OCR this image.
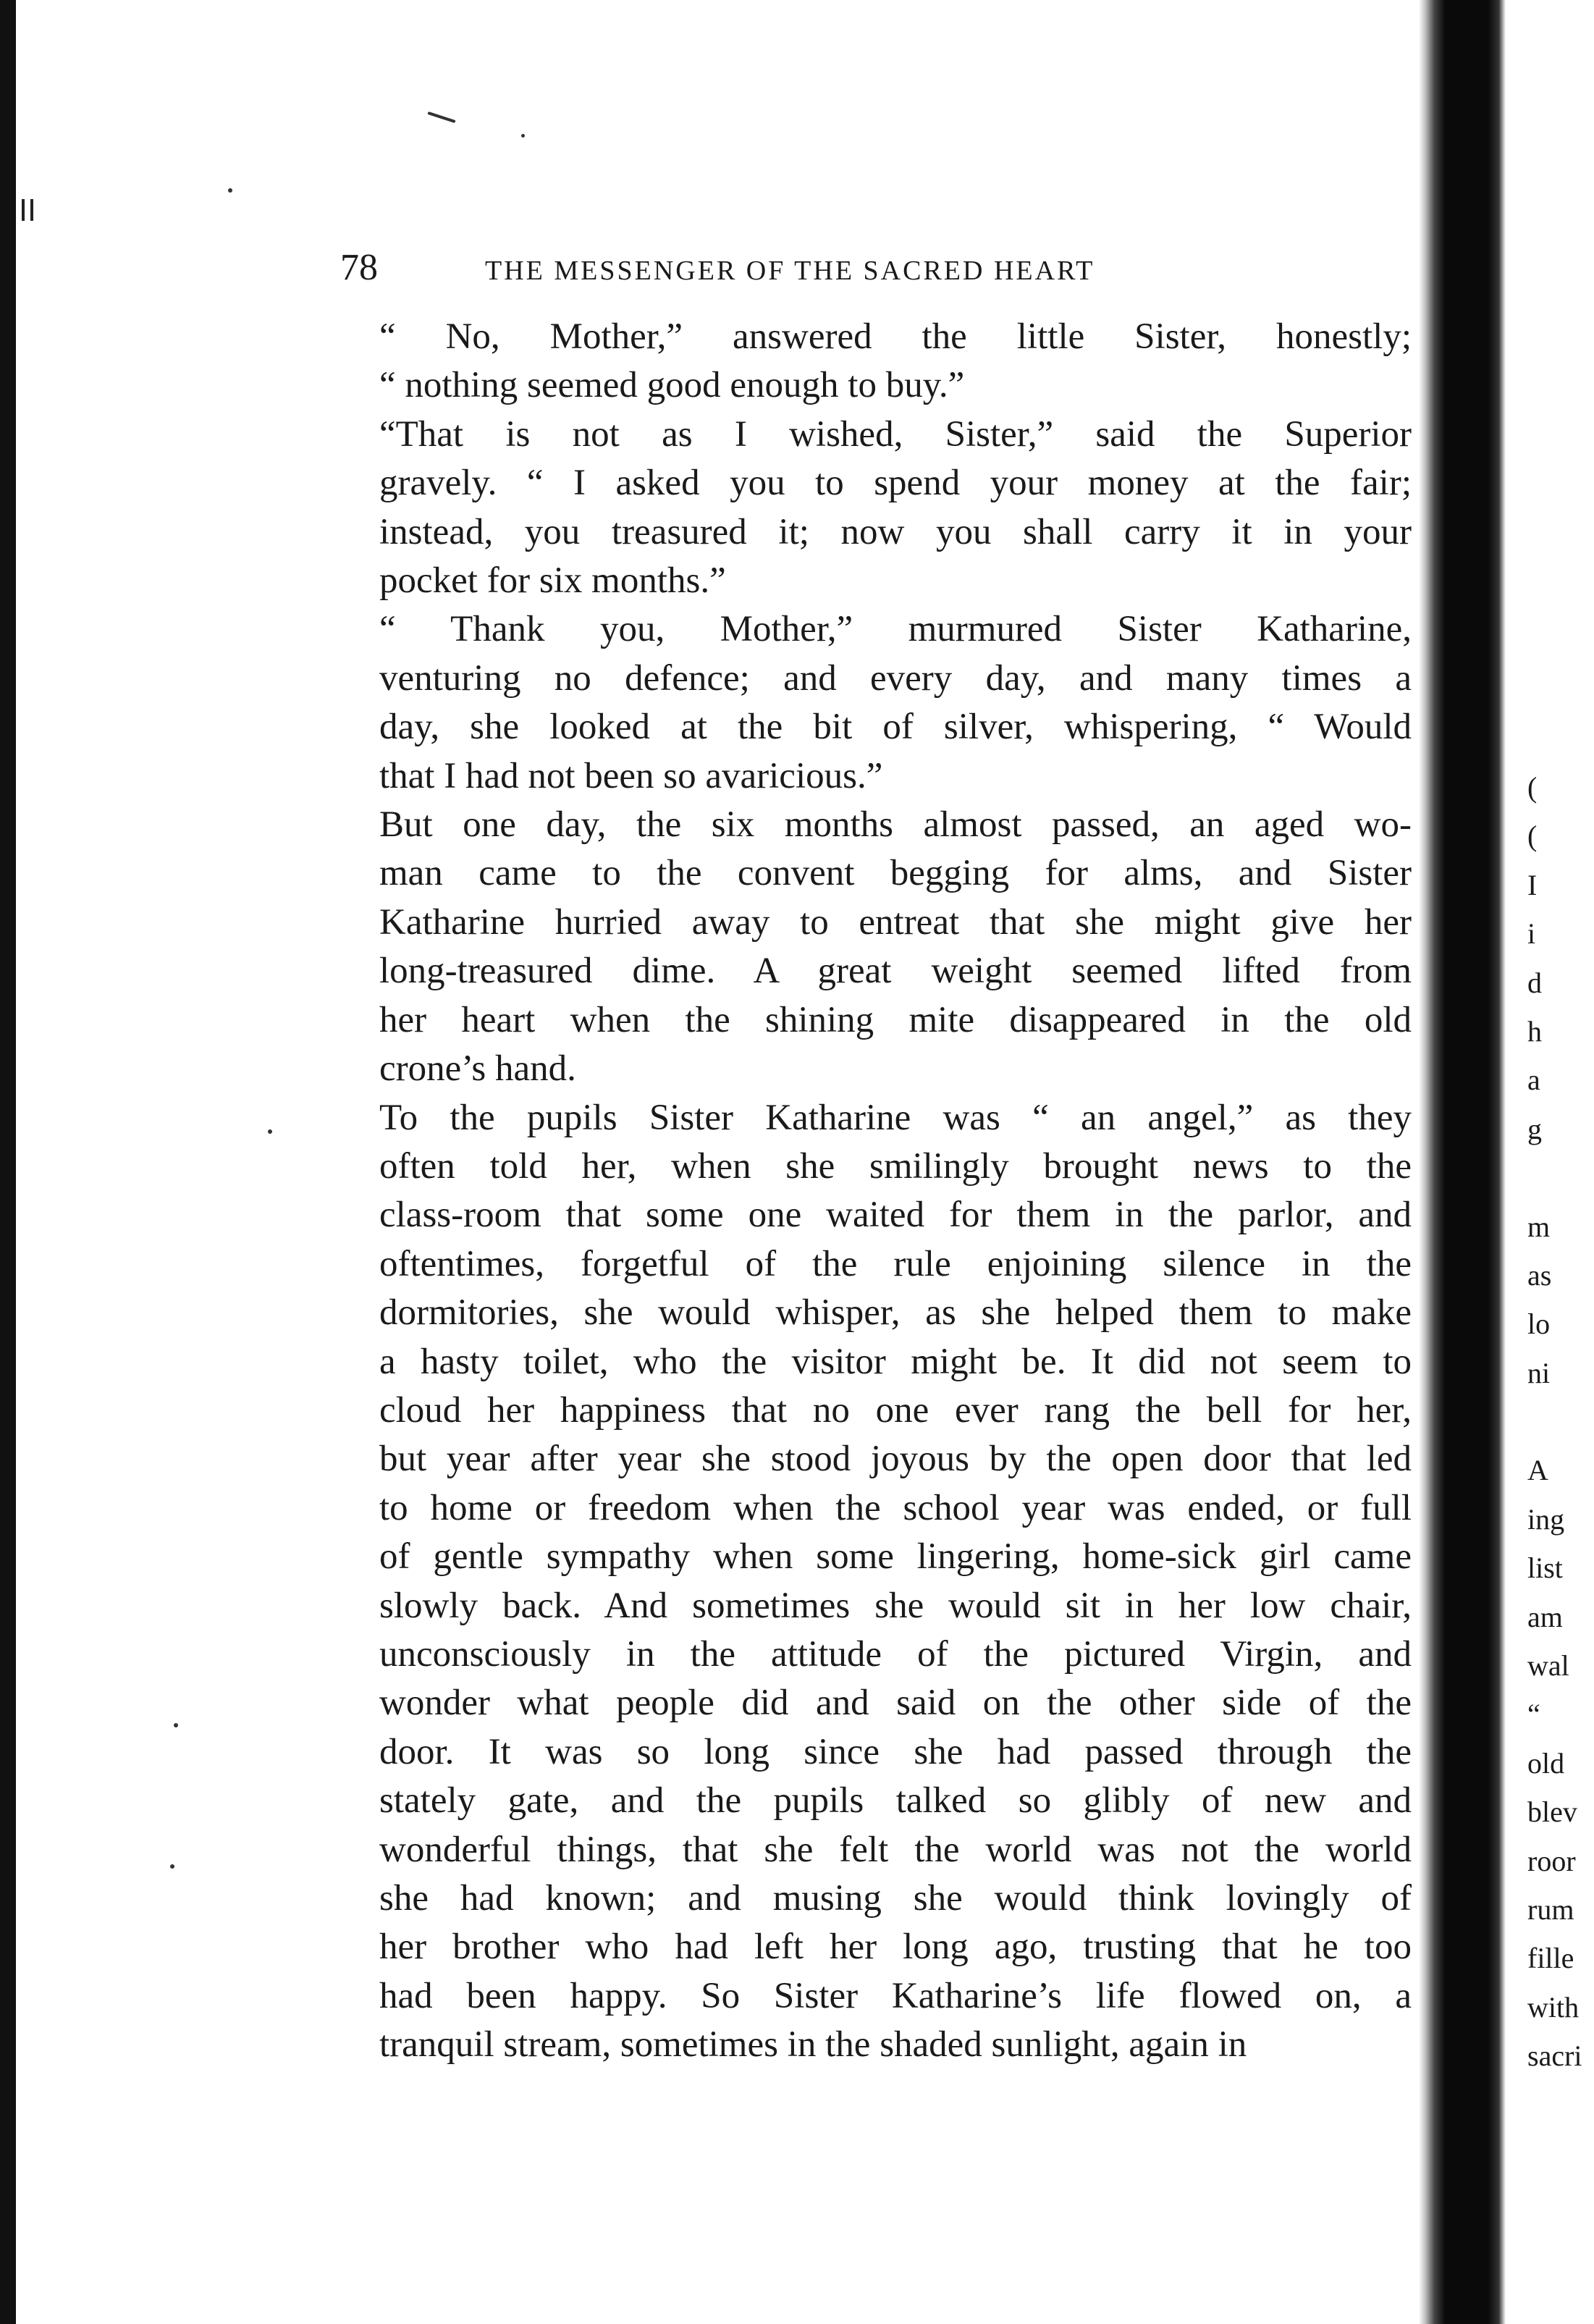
78	THE MESSENGER OF THE SACRED HEART

“ No, Mother,” answered the little Sister, honestly;
“ nothing seemed good enough to buy.”

“That is not as I wished, Sister,” said the Superior
gravely. “ I asked you to spend your money at the fair;
instead, you treasured it; now you shall carry it in your
pocket for six months.”

“ Thank you, Mother,” murmured Sister Katharine,
venturing no defence; and every day, and many times a
day, she looked at the bit of silver, whispering, “ Would
that I had not been so avaricious.”

But one day, the six months almost passed, an aged wo-
man came to the convent begging for alms, and Sister
Katharine hurried away to entreat that she might give her
long-treasured dime. A great weight seemed lifted from
her heart when the shining mite disappeared in the old
crone’s hand.

To the pupils Sister Katharine was “ an angel,” as they
often told her, when she smilingly brought news to the
class-room that some one waited for them in the parlor, and
oftentimes, forgetful of the rule enjoining silence in the
dormitories, she would whisper, as she helped them to make
a hasty toilet, who the visitor might be. It did not seem to
cloud her happiness that no one ever rang the bell for her,
but year after year she stood joyous by the open door that led
to home or freedom when the school year was ended, or full
of gentle sympathy when some lingering, home-sick girl came
slowly back. And sometimes she would sit in her low chair,
unconsciously in the attitude of the pictured Virgin, and
wonder what people did and said on the other side of the
door. It was so long since she had passed through the
stately gate, and the pupils talked so glibly of new and
wonderful things, that she felt the world was not the world
she had known; and musing she would think lovingly of
her brother who had left her long ago, trusting that he too
had been happy. So Sister Katharine’s life flowed on, a
tranquil stream, sometimes in the shaded sunlight, again in

(
(
I
i
d
h
a
g
m
as
lo
ni
A
ing
list
am
wal
“
old
blev
roor
rum
fille
with
sacri
